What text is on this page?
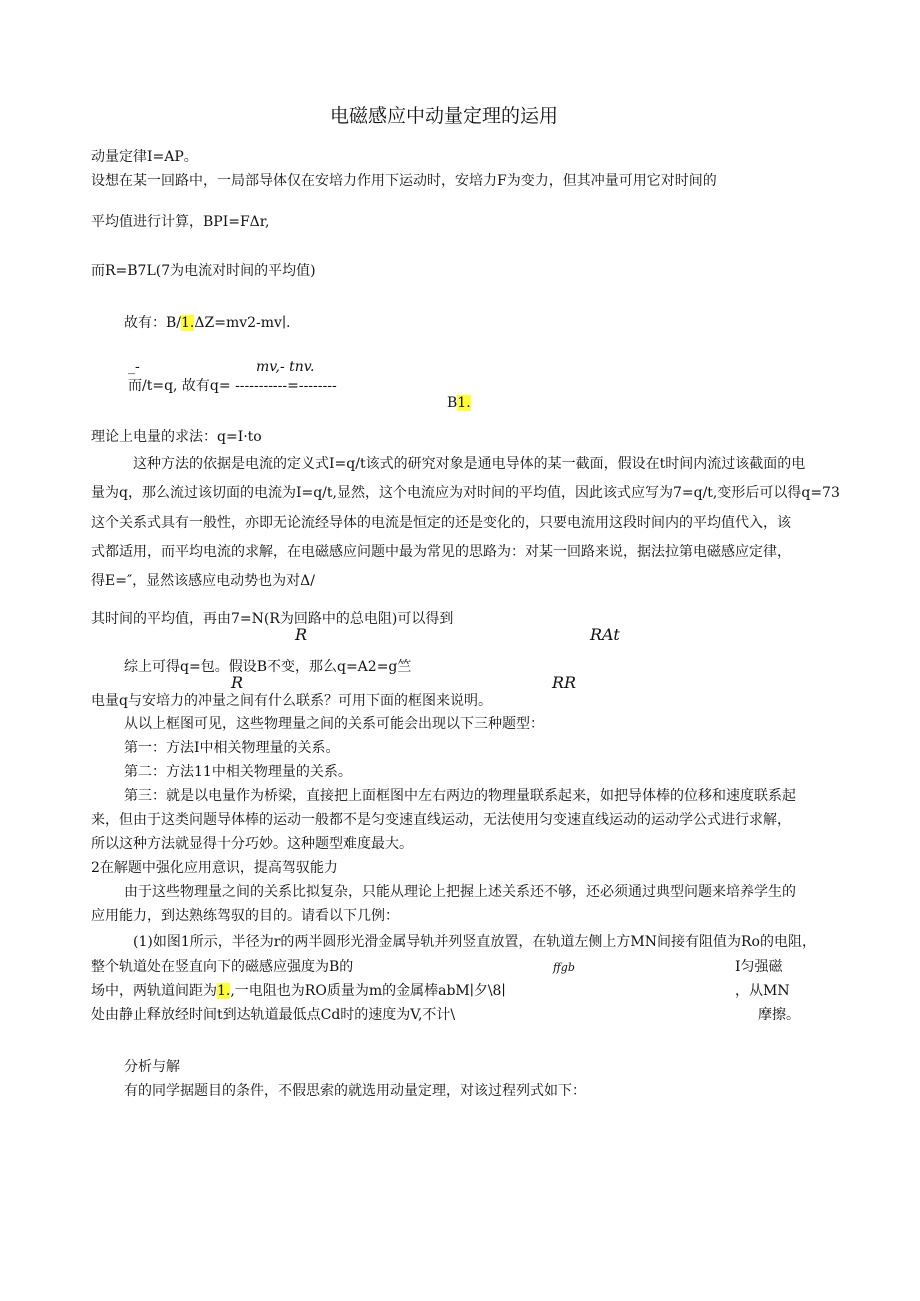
电磁感应中动量定理的运用
动量定律I=AP。
设想在某一回路中，一局部导体仅在安培力作用下运动时，安培力F为变力，但其冲量可用它对时间的
平均值进行计算，BPI=FΔr,
而R=B7L(7为电流对时间的平均值)
故有：B/1.ΔZ=mv2-mv∣.
_-	mv,- tnv.
而/t=q, 故有q= -----------=--------
B1.
理论上电量的求法：q=I·to
这种方法的依据是电流的定义式I=q/t该式的研究对象是通电导体的某一截面，假设在t时间内流过该截面的电
量为q，那么流过该切面的电流为I=q/t,显然，这个电流应为对时间的平均值，因此该式应写为7=q/t,变形后可以得q=73
这个关系式具有一般性，亦即无论流经导体的电流是恒定的还是变化的，只要电流用这段时间内的平均值代入，该
式都适用，而平均电流的求解，在电磁感应问题中最为常见的思路为：对某一回路来说，据法拉第电磁感应定律，
得E=″，显然该感应电动势也为对Δ/
其时间的平均值，再由7=N(R为回路中的总电阻)可以得到
R	RAt
综上可得q=包。假设B不变，那么q=A2=g竺
R	RR
电量q与安培力的冲量之间有什么联系？可用下面的框图来说明。
从以上框图可见，这些物理量之间的关系可能会出现以下三种题型：
第一：方法I中相关物理量的关系。
第二：方法11中相关物理量的关系。
第三：就是以电量作为桥梁，直接把上面框图中左右两边的物理量联系起来，如把导体棒的位移和速度联系起
来，但由于这类问题导体棒的运动一般都不是匀变速直线运动，无法使用匀变速直线运动的运动学公式进行求解，
所以这种方法就显得十分巧妙。这种题型难度最大。
2在解题中强化应用意识，提高驾驭能力
由于这些物理量之间的关系比拟复杂，只能从理论上把握上述关系还不够，还必须通过典型问题来培养学生的
应用能力，到达熟练驾驭的目的。请看以下几例：
(1)如图1所示，半径为r的两半圆形光滑金属导轨并列竖直放置，在轨道左侧上方MN间接有阻值为Ro的电阻，
整个轨道处在竖直向下的磁感应强度为B的	ffgb	I匀强磁
场中，两轨道间距为1.,一电阻也为RO质量为m的金属棒abM∣夕\8∣	，从MN
处由静止释放经时间t到达轨道最低点Cd时的速度为V,不计\	摩擦。
分析与解
有的同学据题目的条件，不假思索的就选用动量定理，对该过程列式如下：
